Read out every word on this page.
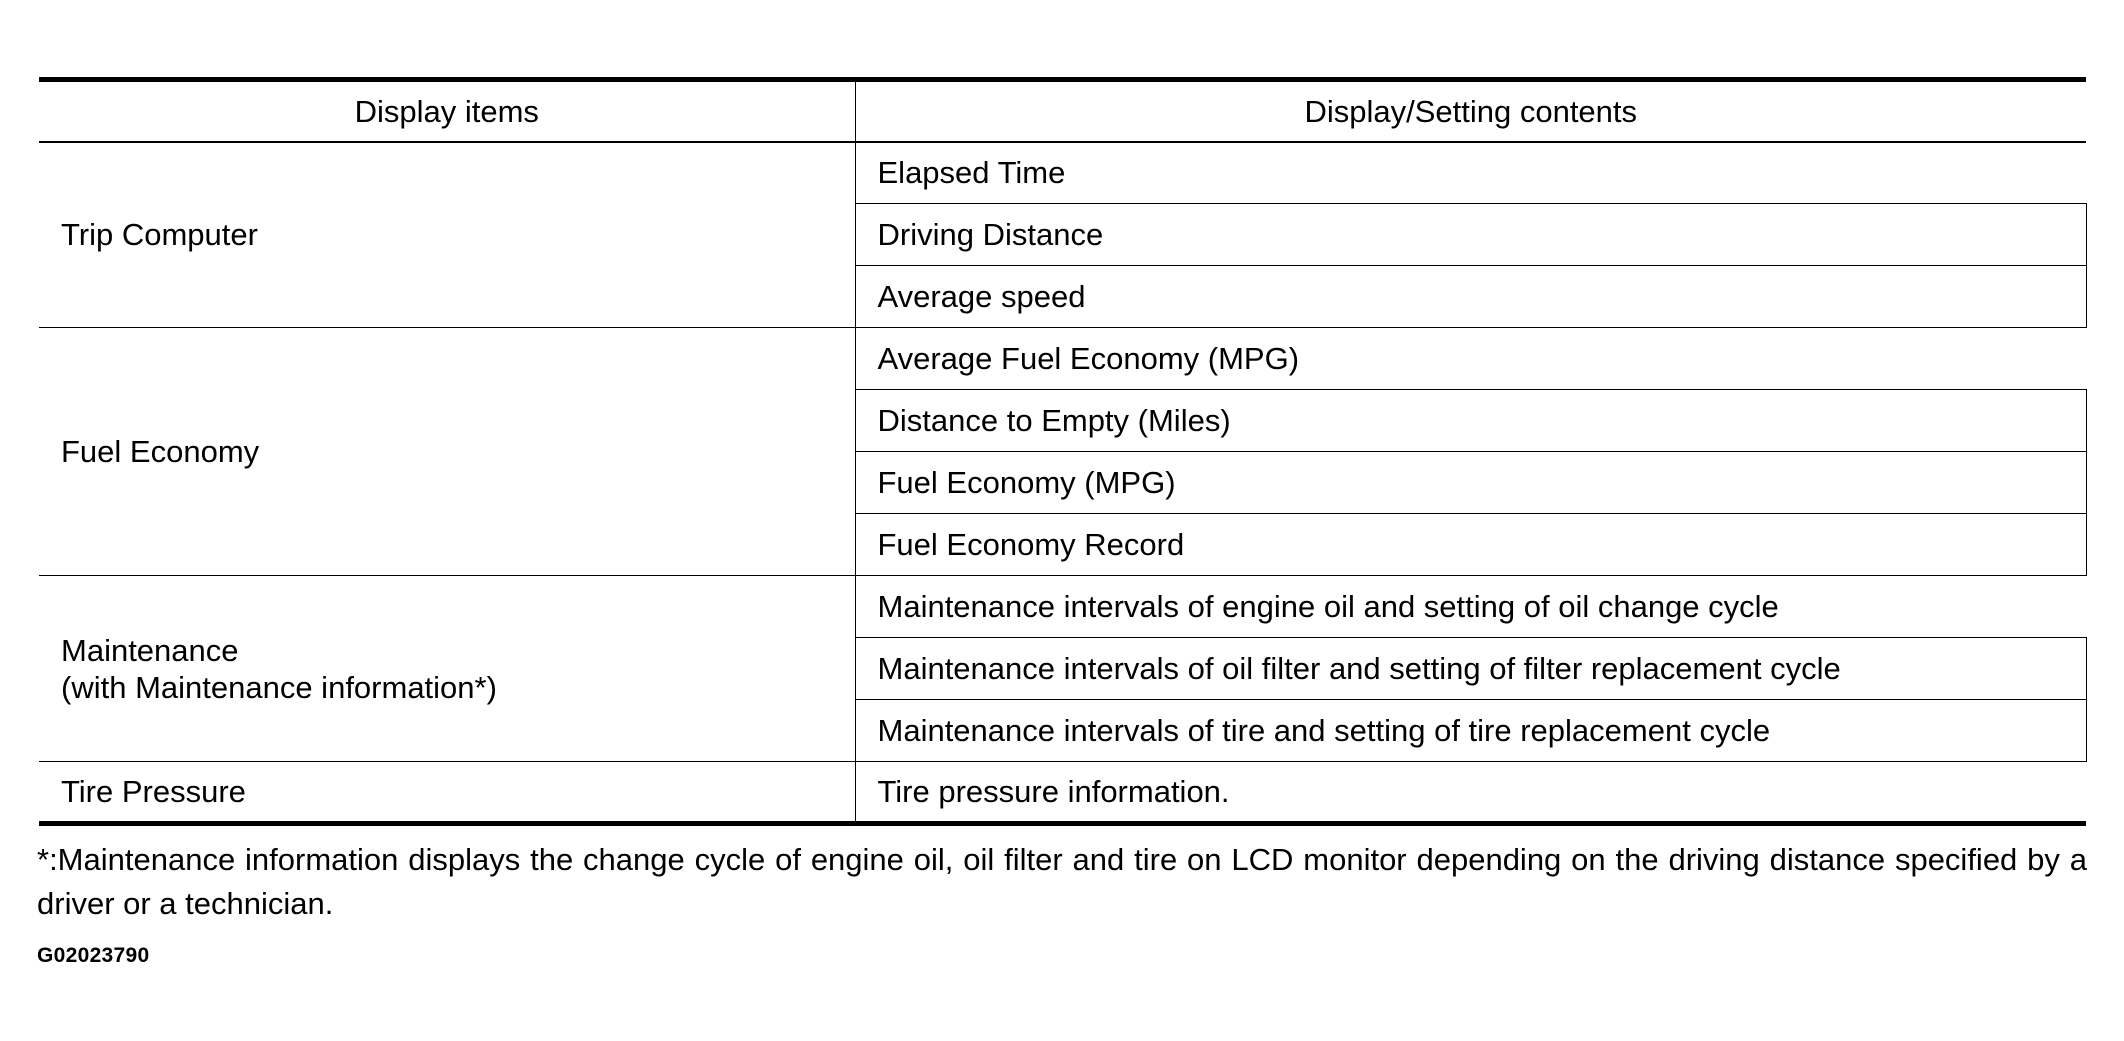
Display items	Display/Setting contents

Trip Computer	Elapsed Time
	Driving Distance
	Average speed

Fuel Economy	Average Fuel Economy (MPG)
	Distance to Empty (Miles)
	Fuel Economy (MPG)
	Fuel Economy Record

Maintenance
(with Maintenance information*)	Maintenance intervals of engine oil and setting of oil change cycle
	Maintenance intervals of oil filter and setting of filter replacement cycle
	Maintenance intervals of tire and setting of tire replacement cycle

Tire Pressure	Tire pressure information.
*:Maintenance information displays the change cycle of engine oil, oil filter and tire on LCD monitor depending on the driving distance specified by a driver or a technician.
G02023790
